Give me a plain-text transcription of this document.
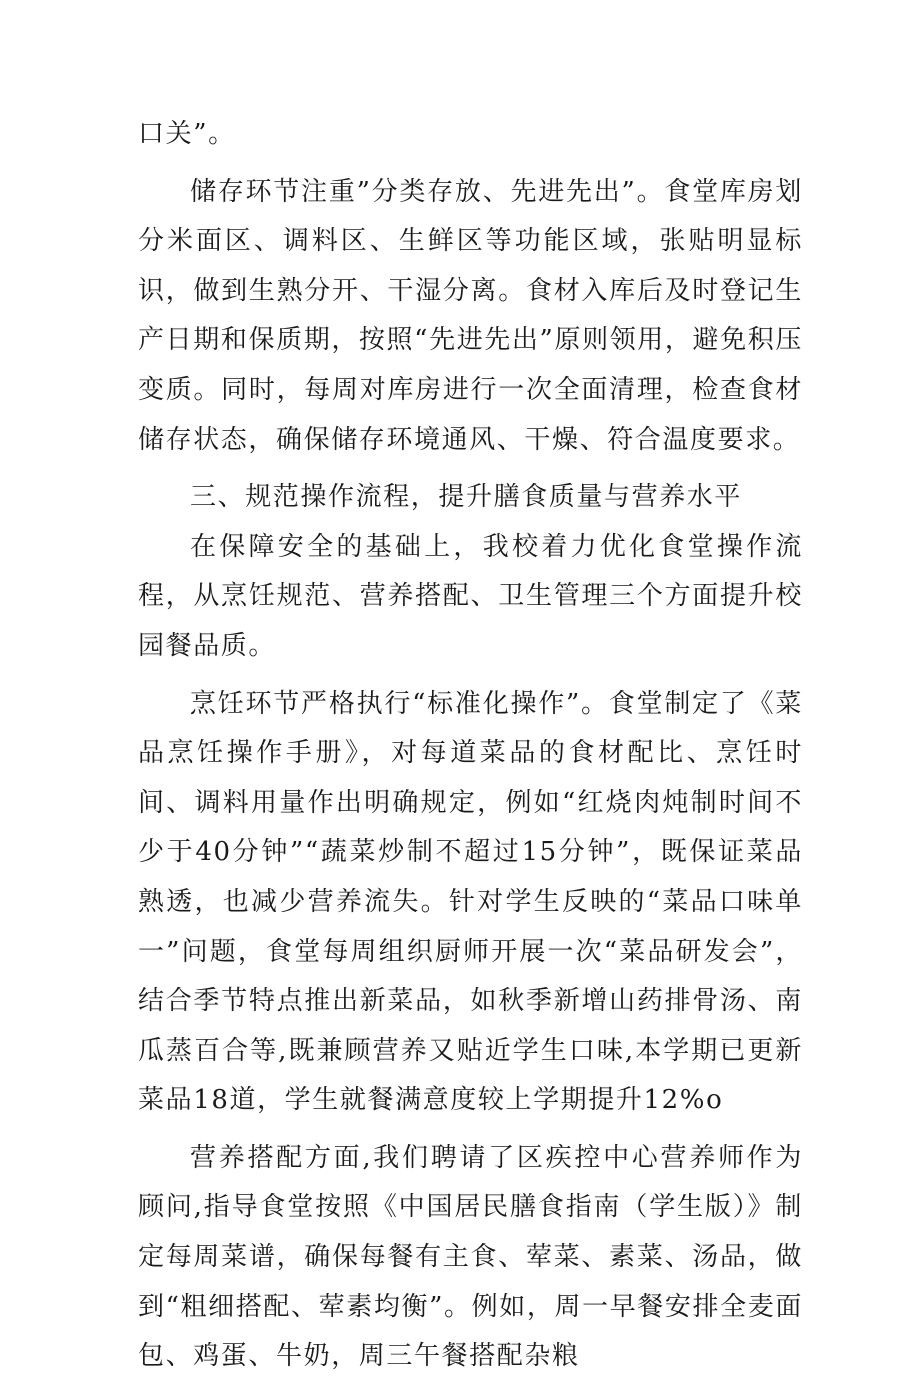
口关”。

储存环节注重”分类存放、先进先出”。食堂库房划分米面区、调料区、生鲜区等功能区域，张贴明显标识，做到生熟分开、干湿分离。食材入库后及时登记生产日期和保质期，按照“先进先出”原则领用，避免积压变质。同时，每周对库房进行一次全面清理，检查食材储存状态，确保储存环境通风、干燥、符合温度要求。

三、规范操作流程，提升膳食质量与营养水平

在保障安全的基础上，我校着力优化食堂操作流程，从烹饪规范、营养搭配、卫生管理三个方面提升校园餐品质。

烹饪环节严格执行“标准化操作”。食堂制定了《菜品烹饪操作手册》，对每道菜品的食材配比、烹饪时间、调料用量作出明确规定，例如“红烧肉炖制时间不少于40分钟”“蔬菜炒制不超过15分钟”，既保证菜品熟透，也减少营养流失。针对学生反映的“菜品口味单一”问题，食堂每周组织厨师开展一次“菜品研发会”，结合季节特点推出新菜品，如秋季新增山药排骨汤、南瓜蒸百合等,既兼顾营养又贴近学生口味,本学期已更新菜品18道，学生就餐满意度较上学期提升12%o

营养搭配方面,我们聘请了区疾控中心营养师作为顾问,指导食堂按照《中国居民膳食指南（学生版）》制定每周菜谱，确保每餐有主食、荤菜、素菜、汤品，做到“粗细搭配、荤素均衡”。例如，周一早餐安排全麦面包、鸡蛋、牛奶，周三午餐搭配杂粮
